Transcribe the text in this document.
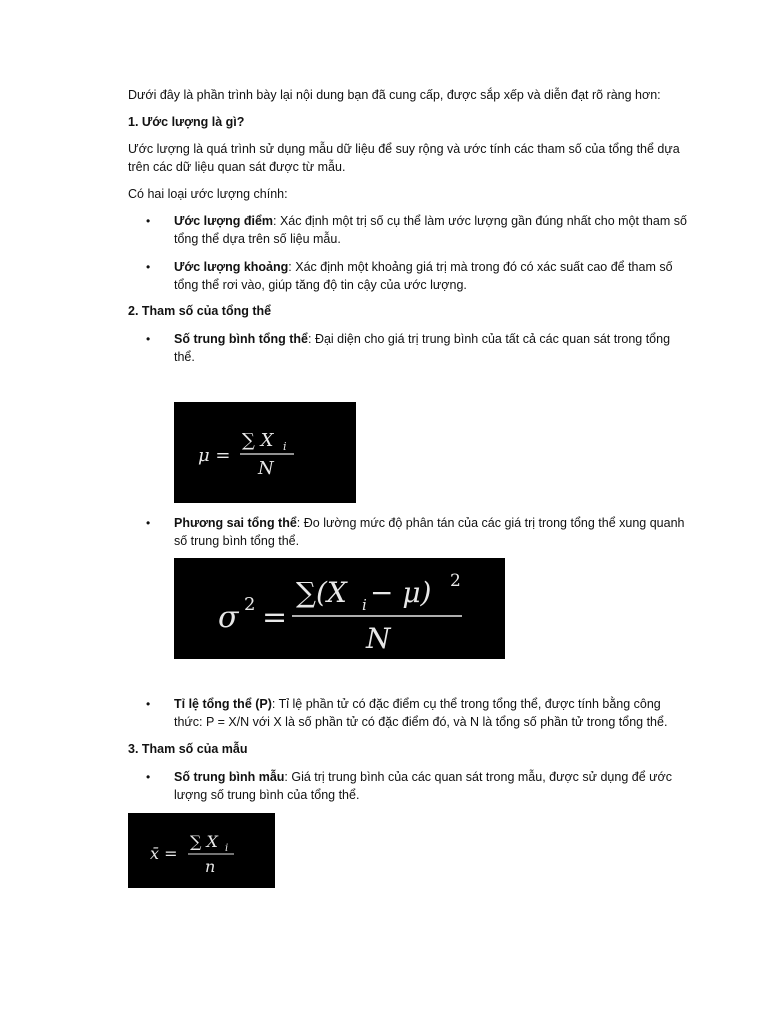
Dưới đây là phần trình bày lại nội dung bạn đã cung cấp, được sắp xếp và diễn đạt rõ ràng hơn:

1. Ước lượng là gì?

Ước lượng là quá trình sử dụng mẫu dữ liệu để suy rộng và ước tính các tham số của tổng thể dựa trên các dữ liệu quan sát được từ mẫu.

Có hai loại ước lượng chính:

• Ước lượng điểm: Xác định một trị số cụ thể làm ước lượng gần đúng nhất cho một tham số tổng thể dựa trên số liệu mẫu.

• Ước lượng khoảng: Xác định một khoảng giá trị mà trong đó có xác suất cao để tham số tổng thể rơi vào, giúp tăng độ tin cậy của ước lượng.

2. Tham số của tổng thể

• Số trung bình tổng thể: Đại diện cho giá trị trung bình của tất cả các quan sát trong tổng thể.

μ =
∑ X i
N
• Phương sai tổng thể: Đo lường mức độ phân tán của các giá trị trong tổng thể xung quanh số trung bình tổng thể.

σ 2 =
∑(X i − μ) 2
N
• Tỉ lệ tổng thể (P): Tỉ lệ phần tử có đặc điểm cụ thể trong tổng thể, được tính bằng công thức: P = X/N với X là số phần tử có đặc điểm đó, và N là tổng số phần tử trong tổng thể.

3. Tham số của mẫu

• Số trung bình mẫu: Giá trị trung bình của các quan sát trong mẫu, được sử dụng để ước lượng số trung bình của tổng thể.

x̄ =
∑ X i
n
